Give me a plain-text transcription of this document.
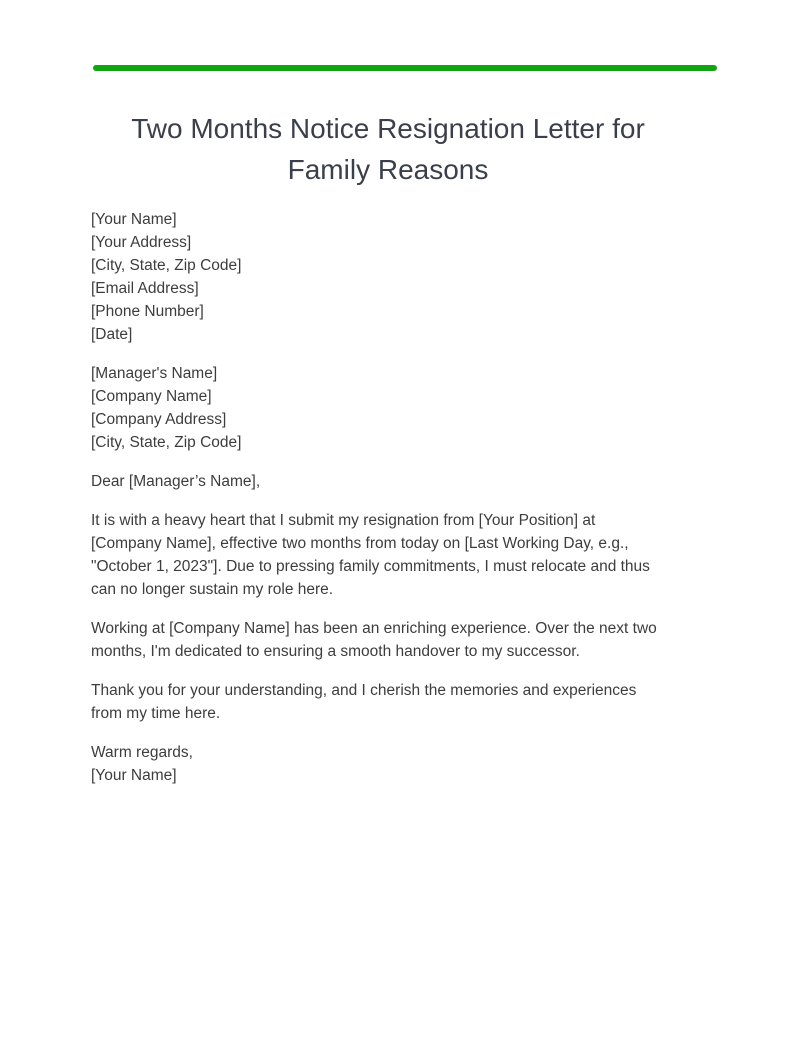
Two Months Notice Resignation Letter for Family Reasons
[Your Name]
[Your Address]
[City, State, Zip Code]
[Email Address]
[Phone Number]
[Date]
[Manager's Name]
[Company Name]
[Company Address]
[City, State, Zip Code]
Dear [Manager’s Name],
It is with a heavy heart that I submit my resignation from [Your Position] at
[Company Name], effective two months from today on [Last Working Day, e.g.,
"October 1, 2023"]. Due to pressing family commitments, I must relocate and thus
can no longer sustain my role here.
Working at [Company Name] has been an enriching experience. Over the next two
months, I'm dedicated to ensuring a smooth handover to my successor.
Thank you for your understanding, and I cherish the memories and experiences
from my time here.
Warm regards,
[Your Name]
